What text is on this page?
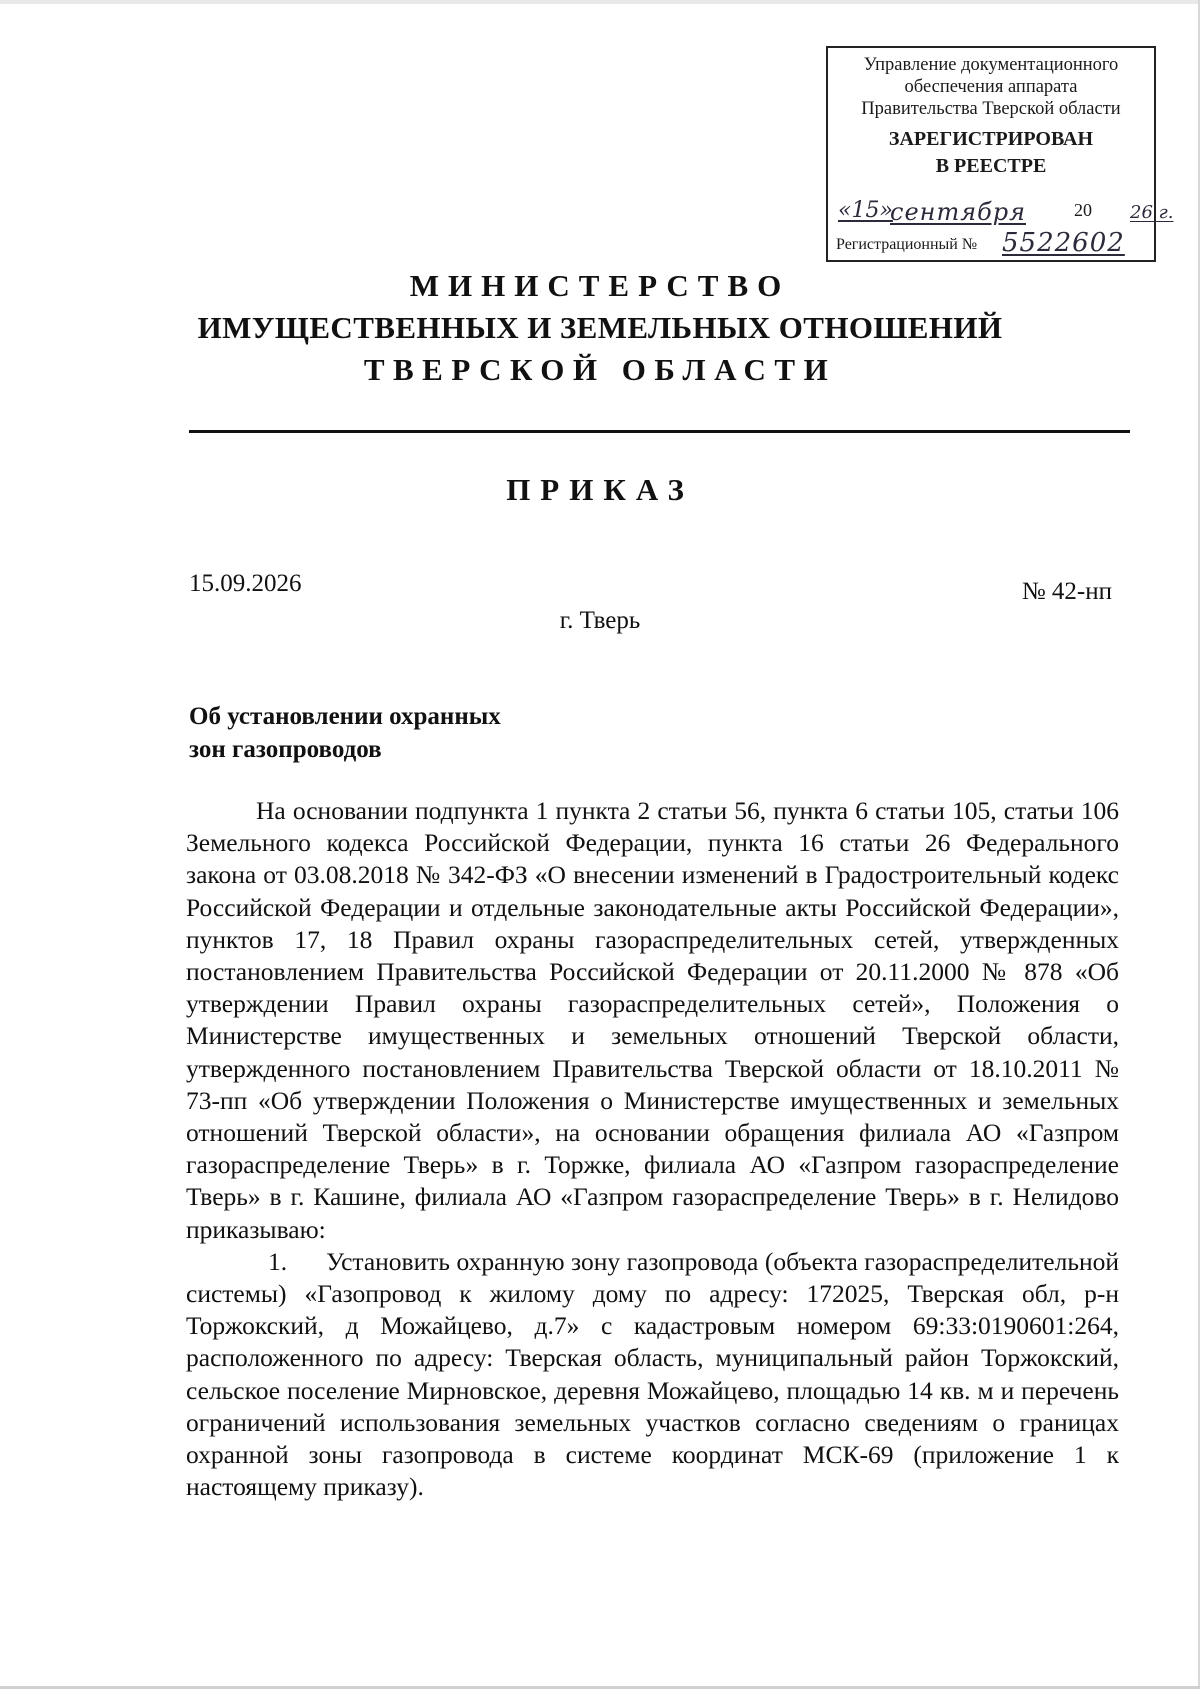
Управление документационного
обеспечения аппарата
Правительства Тверской области
ЗАРЕГИСТРИРОВАН
В РЕЕСТРЕ
«15»
сентября	20 26 г.
Регистрационный № 5522602
МИНИСТЕРСТВО
ИМУЩЕСТВЕННЫХ И ЗЕМЕЛЬНЫХ ОТНОШЕНИЙ
ТВЕРСКОЙ ОБЛАСТИ
ПРИКАЗ
15.09.2026	№ 42-нп
г. Тверь
Об установлении охранных
зон газопроводов

На основании подпункта 1 пункта 2 статьи 56, пункта 6 статьи 105, статьи 106 Земельного кодекса Российской Федерации, пункта 16 статьи 26 Федерального закона от 03.08.2018 № 342-ФЗ «О внесении изменений в Градостроительный кодекс Российской Федерации и отдельные законодательные акты Российской Федерации», пунктов 17, 18 Правил охраны газораспределительных сетей, утвержденных постановлением Правительства Российской Федерации от 20.11.2000 № 878 «Об утверждении Правил охраны газораспределительных сетей», Положения о Министерстве имущественных и земельных отношений Тверской области, утвержденного постановлением Правительства Тверской области от 18.10.2011 № 73-пп «Об утверждении Положения о Министерстве имущественных и земельных отношений Тверской области», на основании обращения филиала АО «Газпром газораспределение Тверь» в г. Торжке, филиала АО «Газпром газораспределение Тверь» в г. Кашине, филиала АО «Газпром газораспределение Тверь» в г. Нелидово приказываю:

1.      Установить охранную зону газопровода (объекта газораспределительной системы) «Газопровод к жилому дому по адресу: 172025, Тверская обл, р-н Торжокский, д Можайцево, д.7» с кадастровым номером 69:33:0190601:264, расположенного по адресу: Тверская область, муниципальный район Торжокский, сельское поселение Мирновское, деревня Можайцево, площадью 14 кв. м и перечень ограничений использования земельных участков согласно сведениям о границах охранной зоны газопровода в системе координат МСК-69 (приложение 1 к настоящему приказу).
